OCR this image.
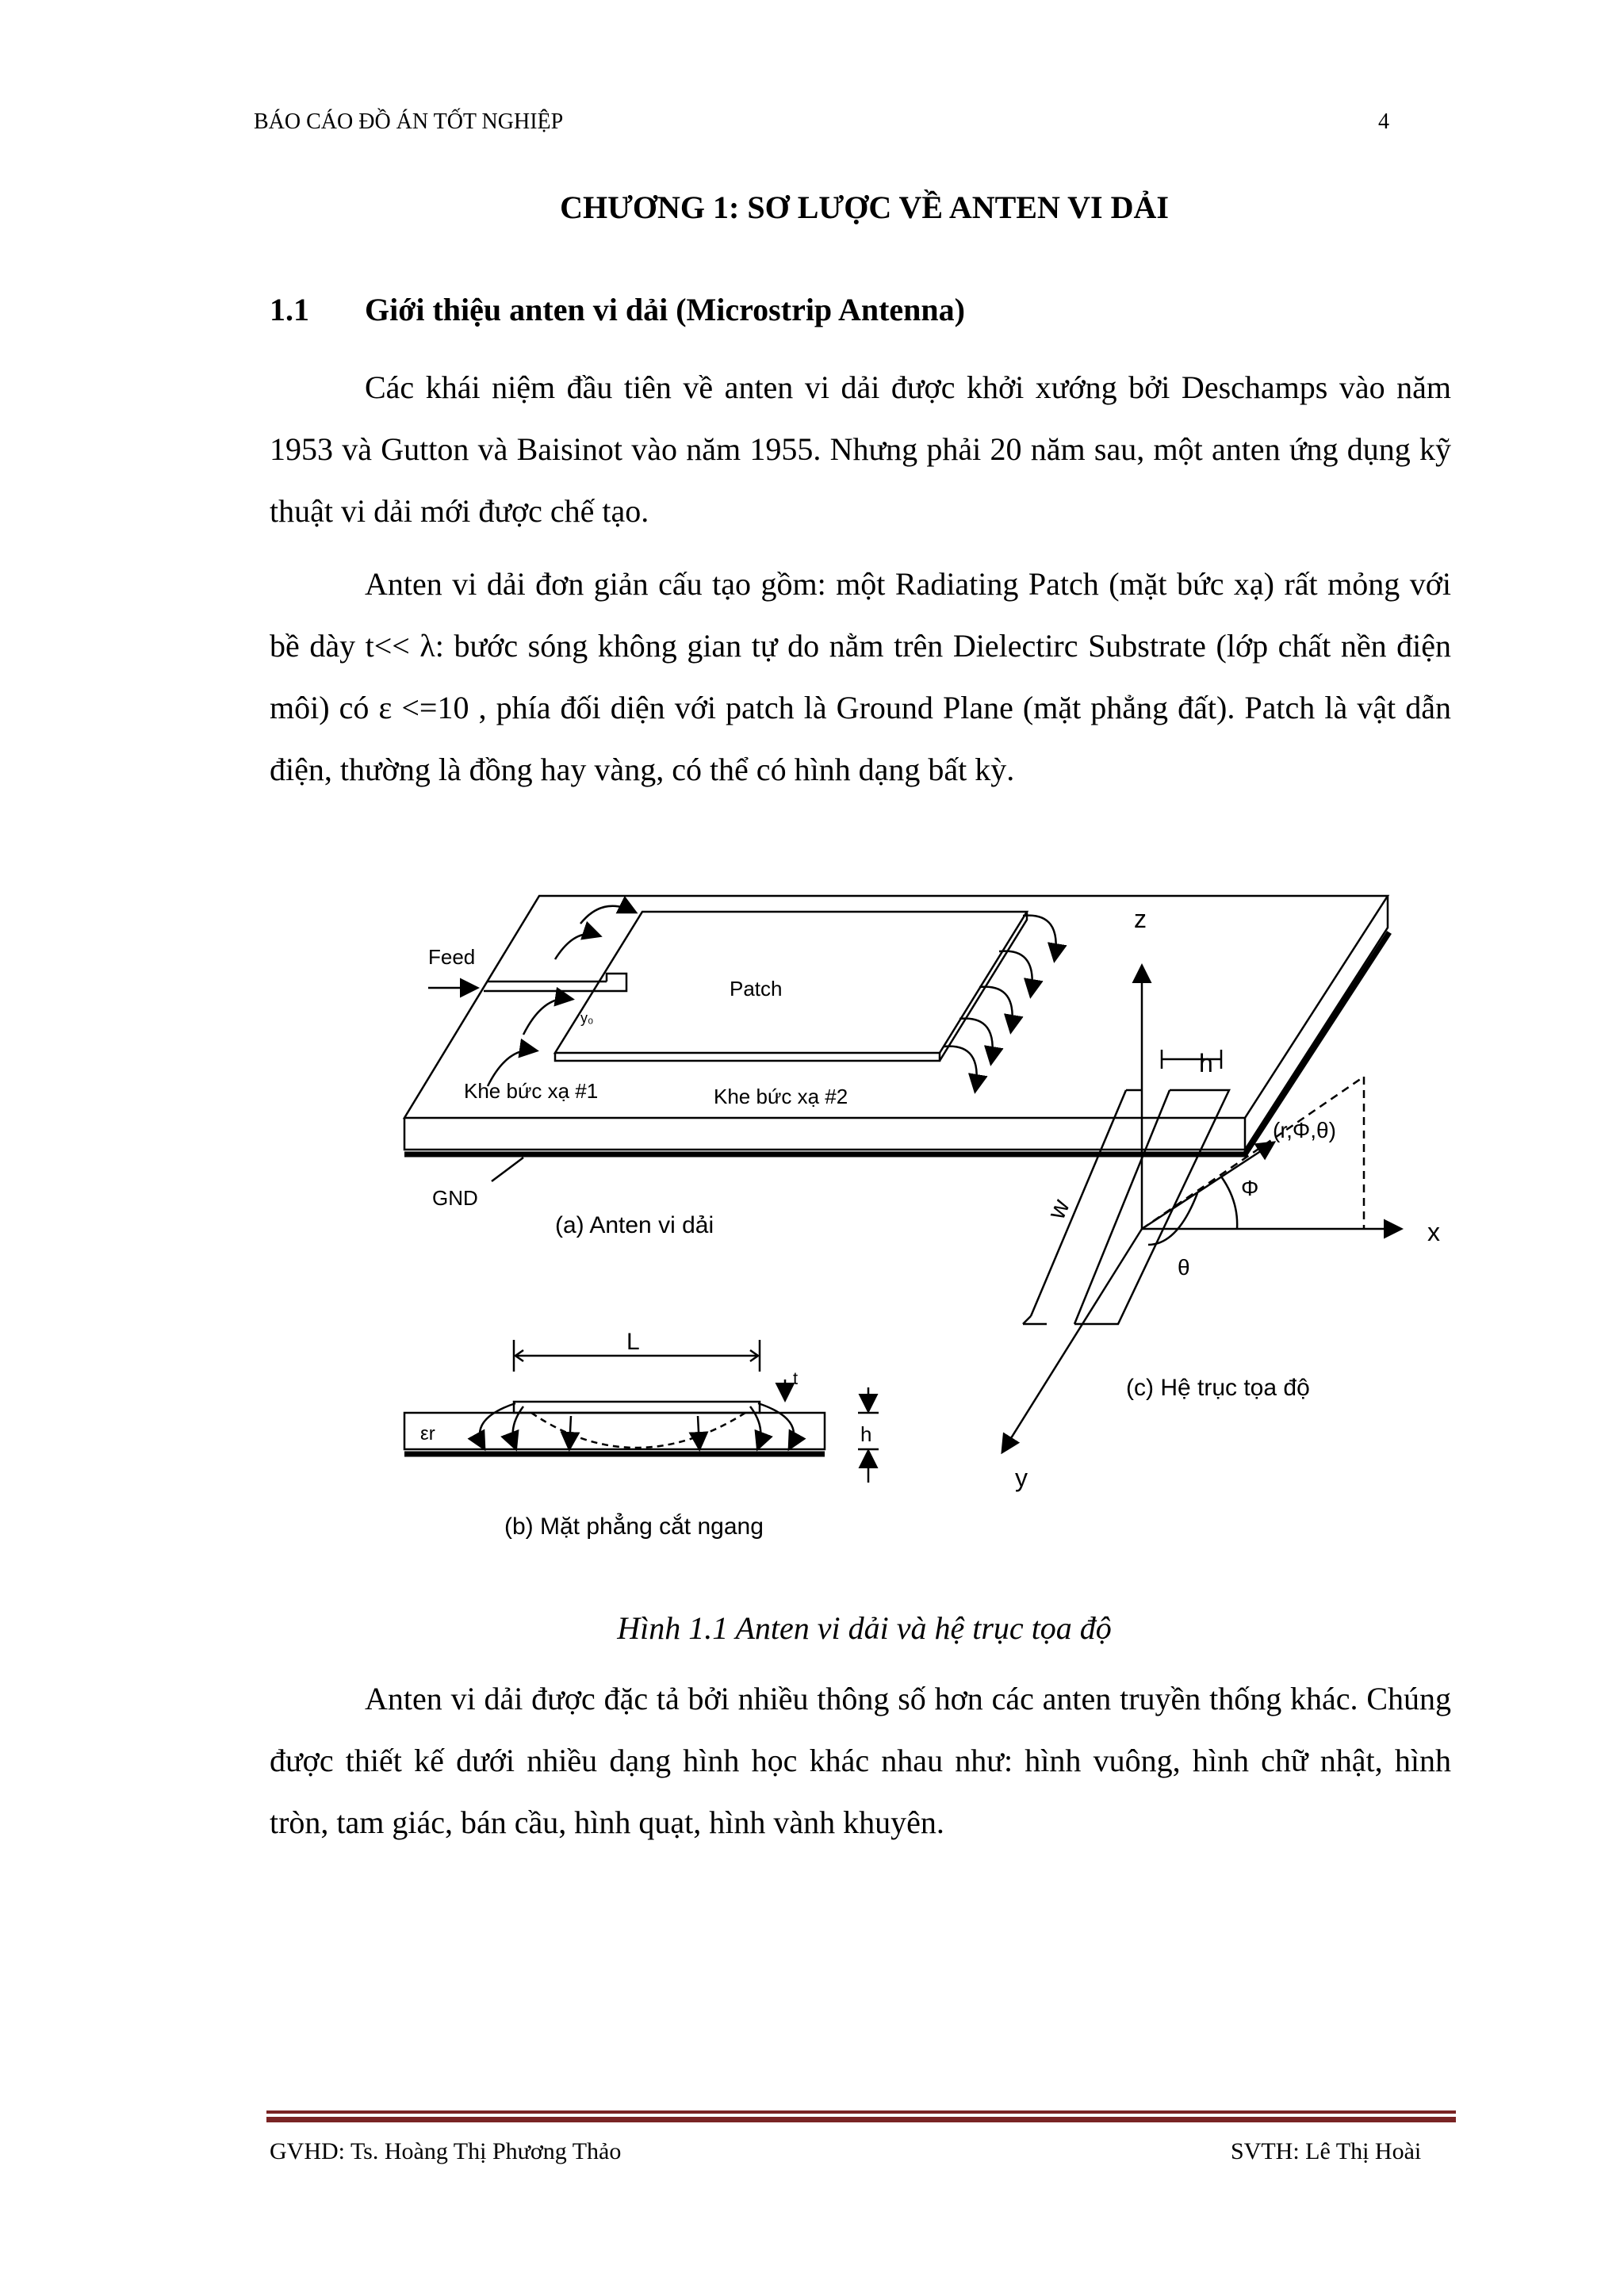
BÁO CÁO ĐỒ ÁN TỐT NGHIỆP	4
CHƯƠNG 1: SƠ LƯỢC VỀ ANTEN VI DẢI
1.1 Giới thiệu anten vi dải (Microstrip Antenna)

Các khái niệm đầu tiên về anten vi dải được khởi xướng bởi Deschamps vào năm 1953 và Gutton và Baisinot vào năm 1955. Nhưng phải 20 năm sau, một anten ứng dụng kỹ thuật vi dải mới được chế tạo.

Anten vi dải đơn giản cấu tạo gồm: một Radiating Patch (mặt bức xạ) rất mỏng với bề dày t<< λ: bước sóng không gian tự do nằm trên Dielectirc Substrate (lớp chất nền điện môi) có ε <=10 , phía đối diện với patch là Ground Plane (mặt phẳng đất). Patch là vật dẫn điện, thường là đồng hay vàng, có thể có hình dạng bất kỳ.

Feed
Patch
y₀
Khe bức xạ #1	Khe bức xạ #2
GND
(a) Anten vi dải
L
t
εr	h
(b) Mặt phẳng cắt ngang
z
x
y
h
w
(r,Φ,θ)
Φ
θ
(c) Hệ trục tọa độ
Hình 1.1 Anten vi dải và hệ trục tọa độ

Anten vi dải được đặc tả bởi nhiều thông số hơn các anten truyền thống khác. Chúng được thiết kế dưới nhiều dạng hình học khác nhau như: hình vuông, hình chữ nhật, hình tròn, tam giác, bán cầu, hình quạt, hình vành khuyên.

GVHD: Ts. Hoàng Thị Phương Thảo	SVTH: Lê Thị Hoài
